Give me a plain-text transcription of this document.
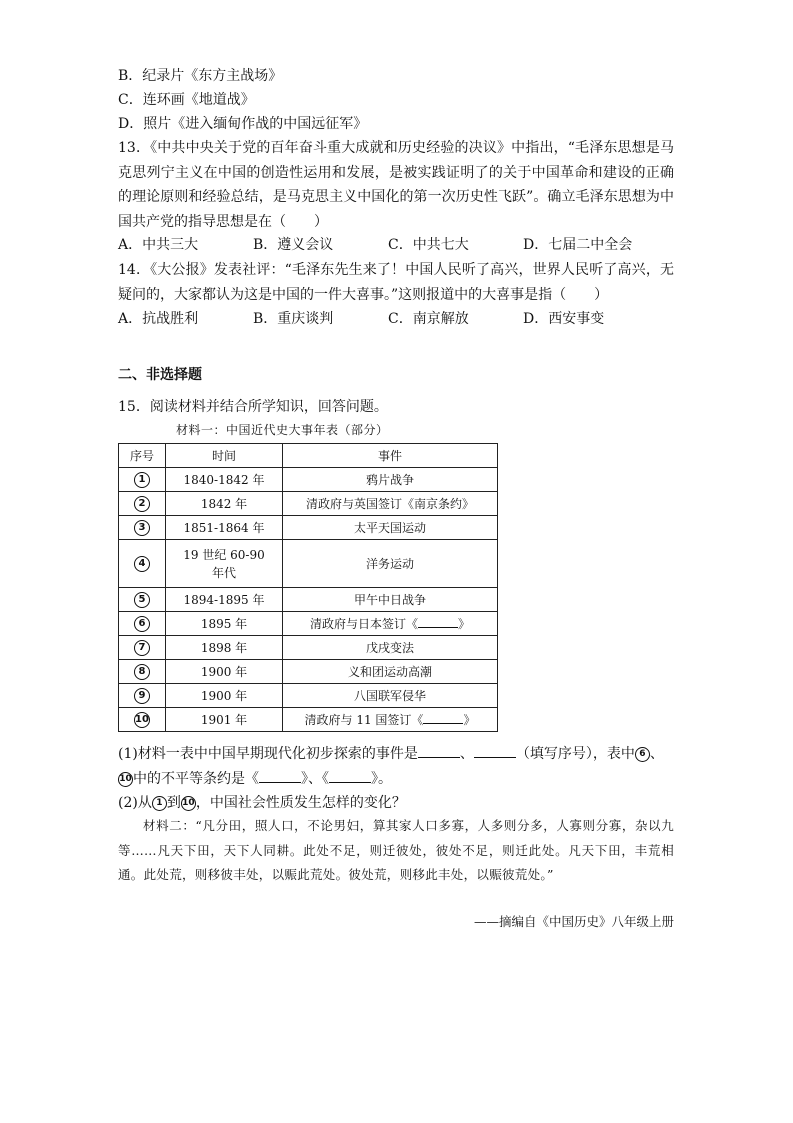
B．纪录片《东方主战场》
C．连环画《地道战》
D．照片《进入缅甸作战的中国远征军》
13．《中共中央关于党的百年奋斗重大成就和历史经验的决议》中指出，“毛泽东思想是马克思列宁主义在中国的创造性运用和发展，是被实践证明了的关于中国革命和建设的正确的理论原则和经验总结，是马克思主义中国化的第一次历史性飞跃”。确立毛泽东思想为中国共产党的指导思想是在（　　）
A．中共三大	B．遵义会议	C．中共七大	D．七届二中全会
14．《大公报》发表社评：“毛泽东先生来了！中国人民听了高兴，世界人民听了高兴，无疑问的，大家都认为这是中国的一件大喜事。”这则报道中的大喜事是指（　　）
A．抗战胜利	B．重庆谈判	C．南京解放	D．西安事变
二、非选择题
15．阅读材料并结合所学知识，回答问题。
材料一：中国近代史大事年表（部分）
序号	时间	事件
1	1840-1842 年	鸦片战争
2	1842 年	清政府与英国签订《南京条约》
3	1851-1864 年	太平天国运动
4	19 世纪 60-90 年代	洋务运动
5	1894-1895 年	甲午中日战争
6	1895 年	清政府与日本签订《 》
7	1898 年	戊戌变法
8	1900 年	义和团运动高潮
9	1900 年	八国联军侵华
10	1901 年	清政府与 11 国签订《 》
(1)材料一表中中国早期现代化初步探索的事件是	、	（填写序号），表中 6 、
10中的不平等条约是《	》、《	》。
(2)从 1 到10，中国社会性质发生怎样的变化？
材料二：“凡分田，照人口，不论男妇，算其家人口多寡，人多则分多，人寡则分寡，杂以九等……凡天下田，天下人同耕。此处不足，则迁彼处，彼处不足，则迁此处。凡天下田，丰荒相通。此处荒，则移彼丰处，以赈此荒处。彼处荒，则移此丰处，以赈彼荒处。”
——摘编自《中国历史》八年级上册
